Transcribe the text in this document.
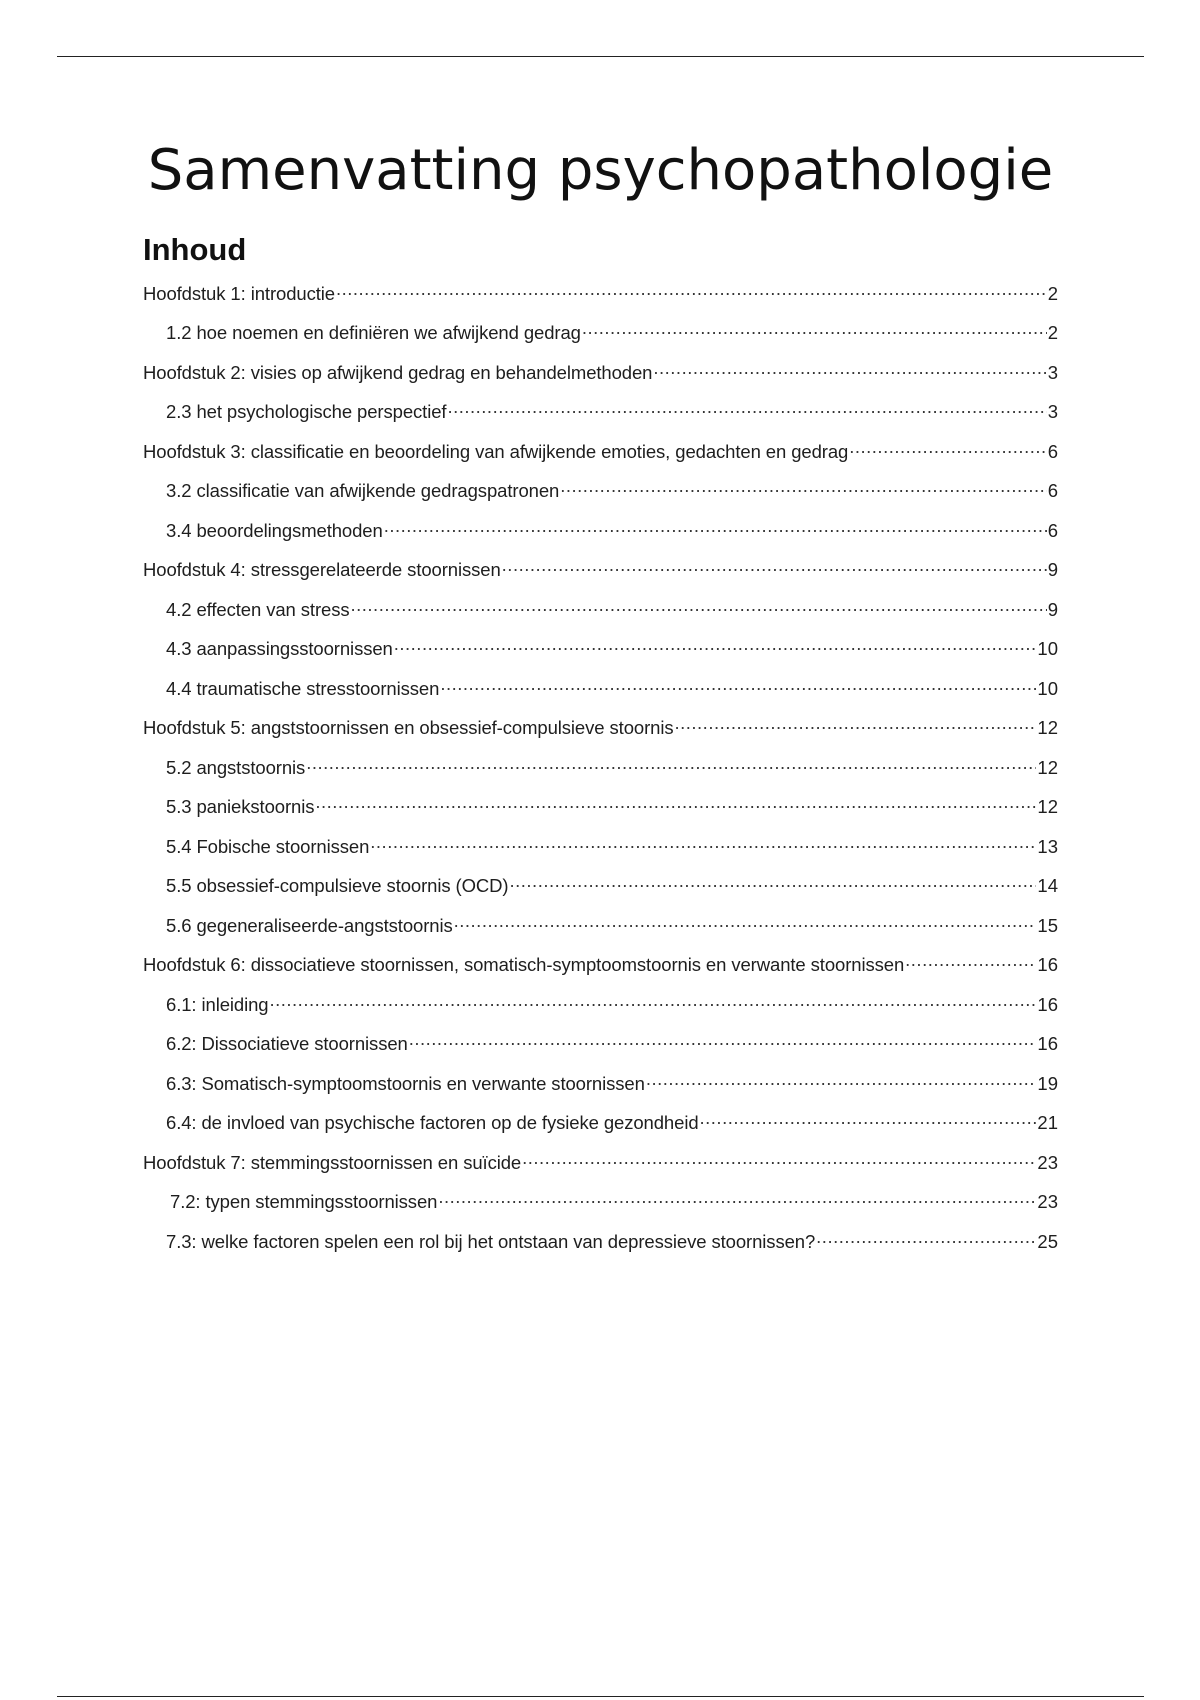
Samenvatting psychopathologie
Inhoud
Hoofdstuk 1: introductie .....	2
1.2 hoe noemen en definiëren we afwijkend gedrag .....	2
Hoofdstuk 2: visies op afwijkend gedrag en behandelmethoden .....	3
2.3 het psychologische perspectief .....	3
Hoofdstuk 3: classificatie en beoordeling van afwijkende emoties, gedachten en gedrag .....	6
3.2 classificatie van afwijkende gedragspatronen .....	6
3.4 beoordelingsmethoden .....	6
Hoofdstuk 4: stressgerelateerde stoornissen .....	9
4.2 effecten van stress .....	9
4.3 aanpassingsstoornissen .....	10
4.4 traumatische stresstoornissen .....	10
Hoofdstuk 5: angststoornissen en obsessief-compulsieve stoornis .....	12
5.2 angststoornis .....	12
5.3 paniekstoornis .....	12
5.4 Fobische stoornissen .....	13
5.5 obsessief-compulsieve stoornis (OCD) .....	14
5.6 gegeneraliseerde-angststoornis .....	15
Hoofdstuk 6: dissociatieve stoornissen, somatisch-symptoomstoornis en verwante stoornissen .....	16
6.1: inleiding .....	16
6.2: Dissociatieve stoornissen .....	16
6.3: Somatisch-symptoomstoornis en verwante stoornissen .....	19
6.4: de invloed van psychische factoren op de fysieke gezondheid .....	21
Hoofdstuk 7: stemmingsstoornissen en suïcide .....	23
7.2: typen stemmingsstoornissen .....	23
7.3: welke factoren spelen een rol bij het ontstaan van depressieve stoornissen? .....	25
